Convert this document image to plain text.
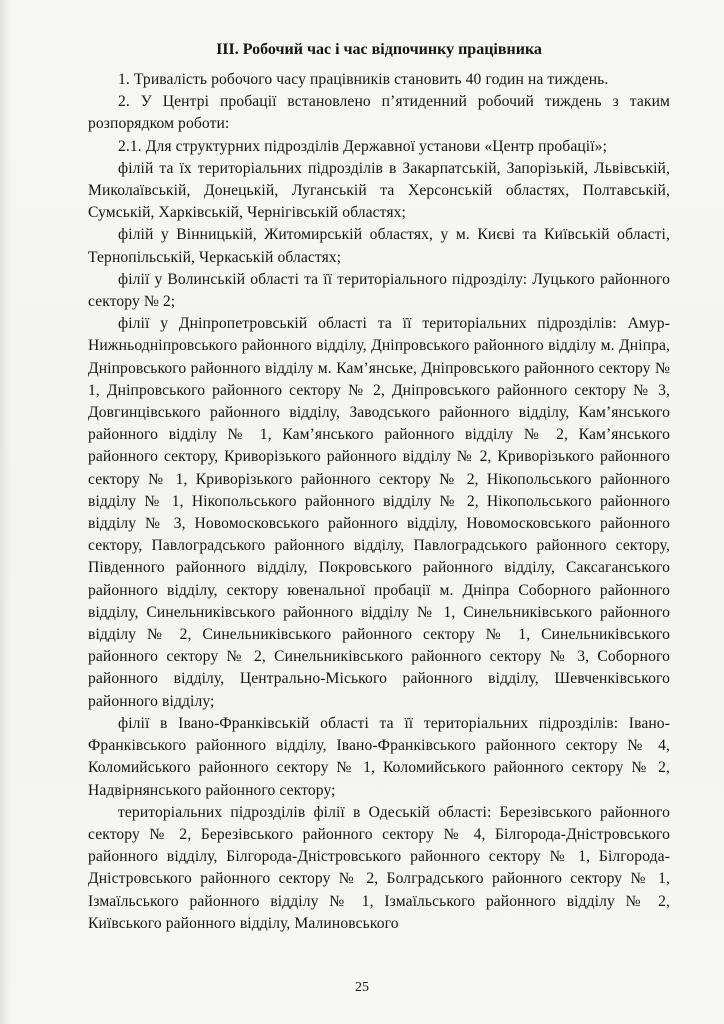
III. Робочий час і час відпочинку працівника

1. Тривалість робочого часу працівників становить 40 годин на тиждень.

2. У Центрі пробації встановлено п’ятиденний робочий тиждень з таким розпорядком роботи:

2.1. Для структурних підрозділів Державної установи «Центр пробації»;

філій та їх територіальних підрозділів в Закарпатській, Запорізькій, Львівській, Миколаївській, Донецькій, Луганській та Херсонській областях, Полтавській, Сумській, Харківській, Чернігівській областях;

філій у Вінницькій, Житомирській областях, у м. Києві та Київській області, Тернопільській, Черкаській областях;

філії у Волинській області та її територіального підрозділу: Луцького районного сектору № 2;

філії у Дніпропетровській області та її територіальних підрозділів: Амур-Нижньодніпровського районного відділу, Дніпровського районного відділу м. Дніпра, Дніпровського районного відділу м. Кам’янське, Дніпровського районного сектору № 1, Дніпровського районного сектору № 2, Дніпровського районного сектору № 3, Довгинцівського районного відділу, Заводського районного відділу, Кам’янського районного відділу № 1, Кам’янського районного відділу № 2, Кам’янського районного сектору, Криворізького районного відділу № 2, Криворізького районного сектору № 1, Криворізького районного сектору № 2, Нікопольського районного відділу № 1, Нікопольського районного відділу № 2, Нікопольського районного відділу № 3, Новомосковського районного відділу, Новомосковського районного сектору, Павлоградського районного відділу, Павлоградського районного сектору, Південного районного відділу, Покровського районного відділу, Саксаганського районного відділу, сектору ювенальної пробації м. Дніпра Соборного районного відділу, Синельниківського районного відділу № 1, Синельниківського районного відділу № 2, Синельниківського районного сектору № 1, Синельниківського районного сектору № 2, Синельниківського районного сектору № 3, Соборного районного відділу, Центрально-Міського районного відділу, Шевченківського районного відділу;

філії в Івано-Франківській області та її територіальних підрозділів: Івано-Франківського районного відділу, Івано-Франківського районного сектору № 4, Коломийського районного сектору № 1, Коломийського районного сектору № 2, Надвірнянського районного сектору;

територіальних підрозділів філії в Одеській області: Березівського районного сектору № 2, Березівського районного сектору № 4, Білгорода-Дністровського районного відділу, Білгорода-Дністровського районного сектору № 1, Білгорода-Дністровського районного сектору № 2, Болградського районного сектору № 1, Ізмаїльського районного відділу № 1, Ізмаїльського районного відділу № 2, Київського районного відділу, Малиновського

25
